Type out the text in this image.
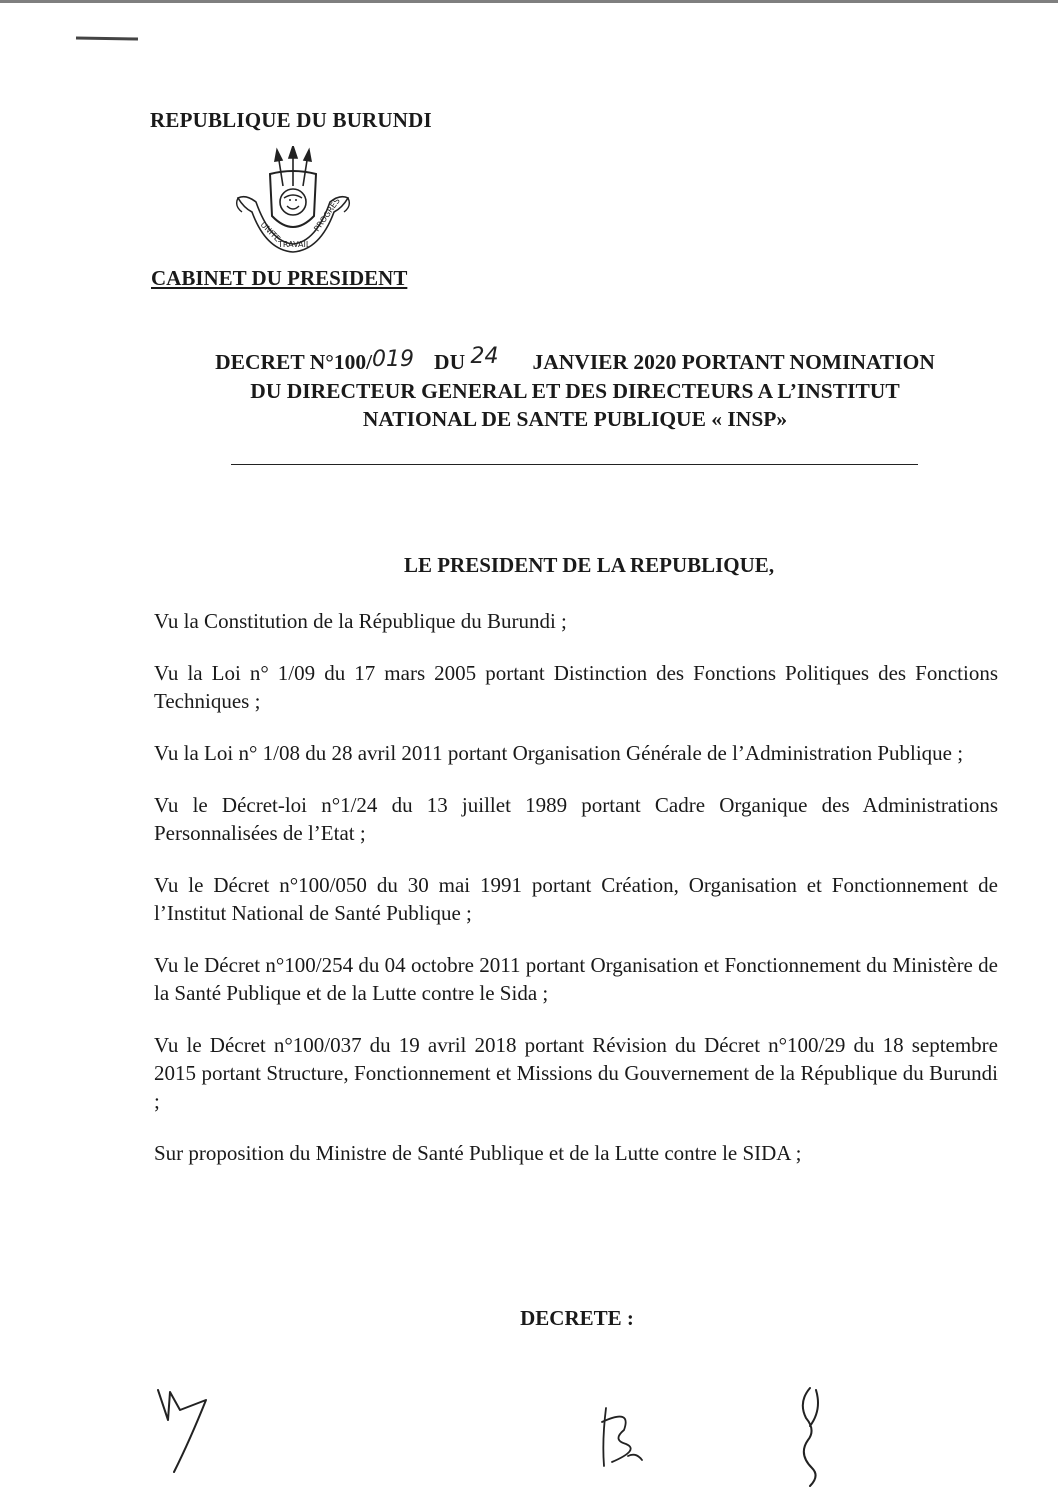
REPUBLIQUE DU BURUNDI
UNITE
TRAVAIL
PROGRES
CABINET DU PRESIDENT
DECRET N°100/019 DU 24 JANVIER 2020 PORTANT NOMINATION
DU DIRECTEUR GENERAL ET DES DIRECTEURS A L’INSTITUT
NATIONAL DE SANTE PUBLIQUE « INSP»
LE PRESIDENT DE LA REPUBLIQUE,

Vu la Constitution de la République du Burundi ;

Vu la Loi n° 1/09 du 17 mars 2005 portant Distinction des Fonctions Politiques des Fonctions Techniques ;

Vu la Loi n° 1/08 du 28 avril 2011 portant Organisation Générale de l’Administration Publique ;

Vu le Décret-loi n°1/24 du 13 juillet 1989 portant Cadre Organique des Administrations Personnalisées de l’Etat ;

Vu le Décret n°100/050 du 30 mai 1991 portant Création, Organisation et Fonctionnement de l’Institut National de Santé Publique ;

Vu le Décret n°100/254 du 04 octobre 2011 portant Organisation et Fonctionnement du Ministère de la Santé Publique et de la Lutte contre le Sida ;

Vu le Décret n°100/037 du 19 avril 2018 portant Révision du Décret n°100/29 du 18 septembre 2015 portant Structure, Fonctionnement et Missions du Gouvernement de la République du Burundi ;

Sur proposition du Ministre de Santé Publique et de la Lutte contre le SIDA ;

DECRETE :
